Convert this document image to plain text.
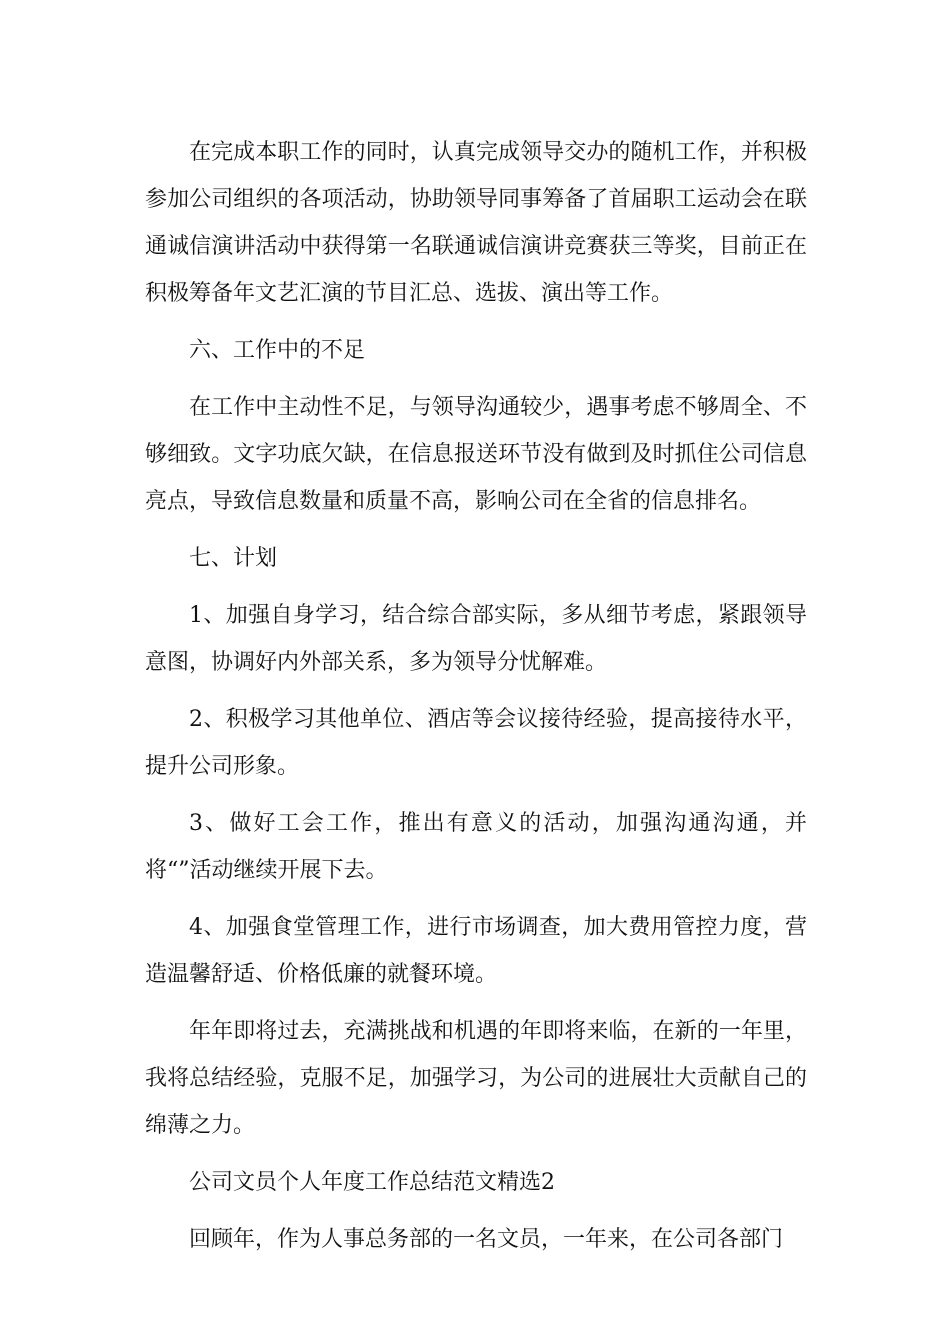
在完成本职工作的同时，认真完成领导交办的随机工作，并积极参加公司组织的各项活动，协助领导同事筹备了首届职工运动会在联通诚信演讲活动中获得第一名联通诚信演讲竞赛获三等奖，目前正在积极筹备年文艺汇演的节目汇总、选拔、演出等工作。

六、工作中的不足

在工作中主动性不足，与领导沟通较少，遇事考虑不够周全、不够细致。文字功底欠缺，在信息报送环节没有做到及时抓住公司信息亮点，导致信息数量和质量不高，影响公司在全省的信息排名。

七、计划

1、加强自身学习，结合综合部实际，多从细节考虑，紧跟领导意图，协调好内外部关系，多为领导分忧解难。

2、积极学习其他单位、酒店等会议接待经验，提高接待水平，提升公司形象。

3、做好工会工作，推出有意义的活动，加强沟通沟通，并将“”活动继续开展下去。

4、加强食堂管理工作，进行市场调查，加大费用管控力度，营造温馨舒适、价格低廉的就餐环境。

年年即将过去，充满挑战和机遇的年即将来临，在新的一年里，我将总结经验，克服不足，加强学习，为公司的进展壮大贡献自己的绵薄之力。

公司文员个人年度工作总结范文精选2

回顾年，作为人事总务部的一名文员，一年来，在公司各部门
